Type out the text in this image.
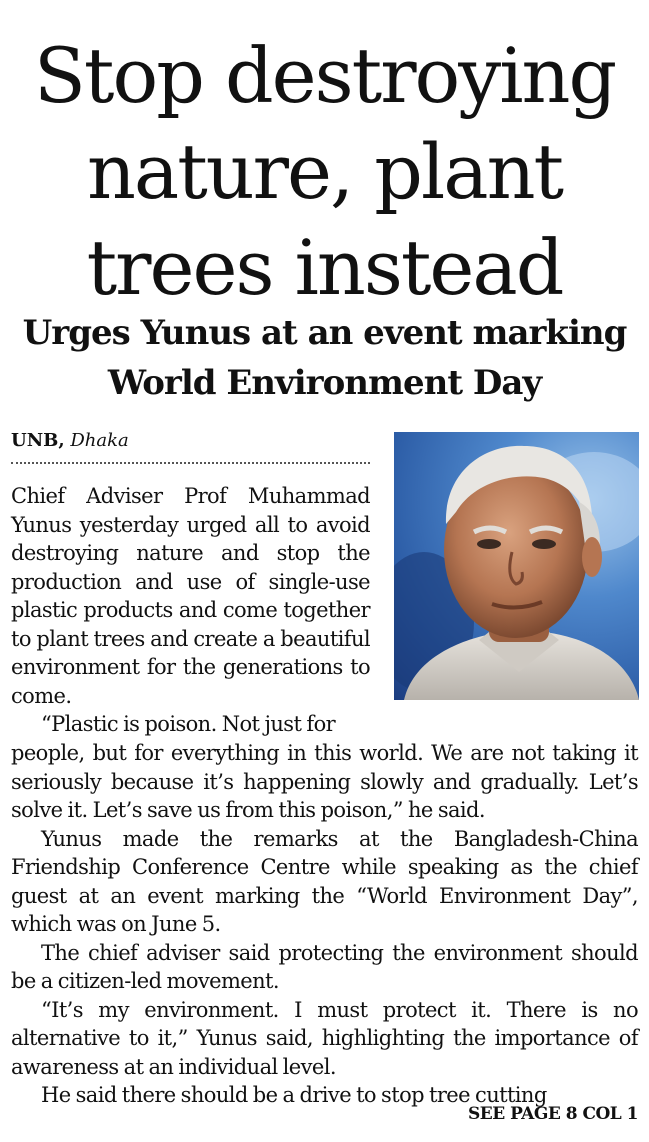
Stop destroying
nature, plant
trees instead
Urges Yunus at an event marking
World Environment Day
UNB, Dhaka

Chief Adviser Prof Muhammad Yunus yesterday urged all to avoid destroying nature and stop the production and use of single-use plastic products and come together to plant trees and create a beautiful environment for the generations to come.

“Plastic is poison. Not just for

people, but for everything in this world. We are not taking it seriously because it’s happening slowly and gradually. Let’s solve it. Let’s save us from this poison,” he said.

Yunus made the remarks at the Bangladesh-China Friendship Conference Centre while speaking as the chief guest at an event marking the “World Environment Day”, which was on June 5.

The chief adviser said protecting the environment should be a citizen-led movement.

“It’s my environment. I must protect it. There is no alternative to it,” Yunus said, highlighting the importance of awareness at an individual level.

He said there should be a drive to stop tree cutting

SEE PAGE 8 COL 1
